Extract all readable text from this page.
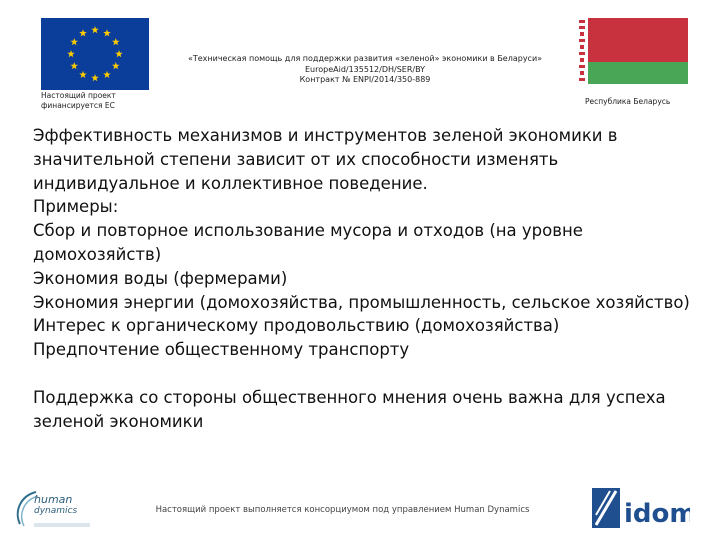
Настоящий проект финансируется ЕС
«Техническая помощь для поддержки развития «зеленой» экономики в Беларуси»
EuropeAid/135512/DH/SER/BY
Контракт № ENPI/2014/350-889
Республика Беларусь

Эффективность механизмов и инструментов зеленой экономики в значительной степени зависит от их способности изменять индивидуальное и коллективное поведение.

Примеры:

Сбор и повторное использование мусора и отходов (на уровне домохозяйств)

Экономия воды (фермерами)

Экономия энергии (домохозяйства, промышленность, сельское хозяйство)

Интерес к органическому продовольствию (домохозяйства)

Предпочтение общественному транспорту

Поддержка со стороны общественного мнения очень важна для успеха зеленой экономики

human
dynamics	Настоящий проект выполняется консорциумом под управлением Human Dynamics	idom
